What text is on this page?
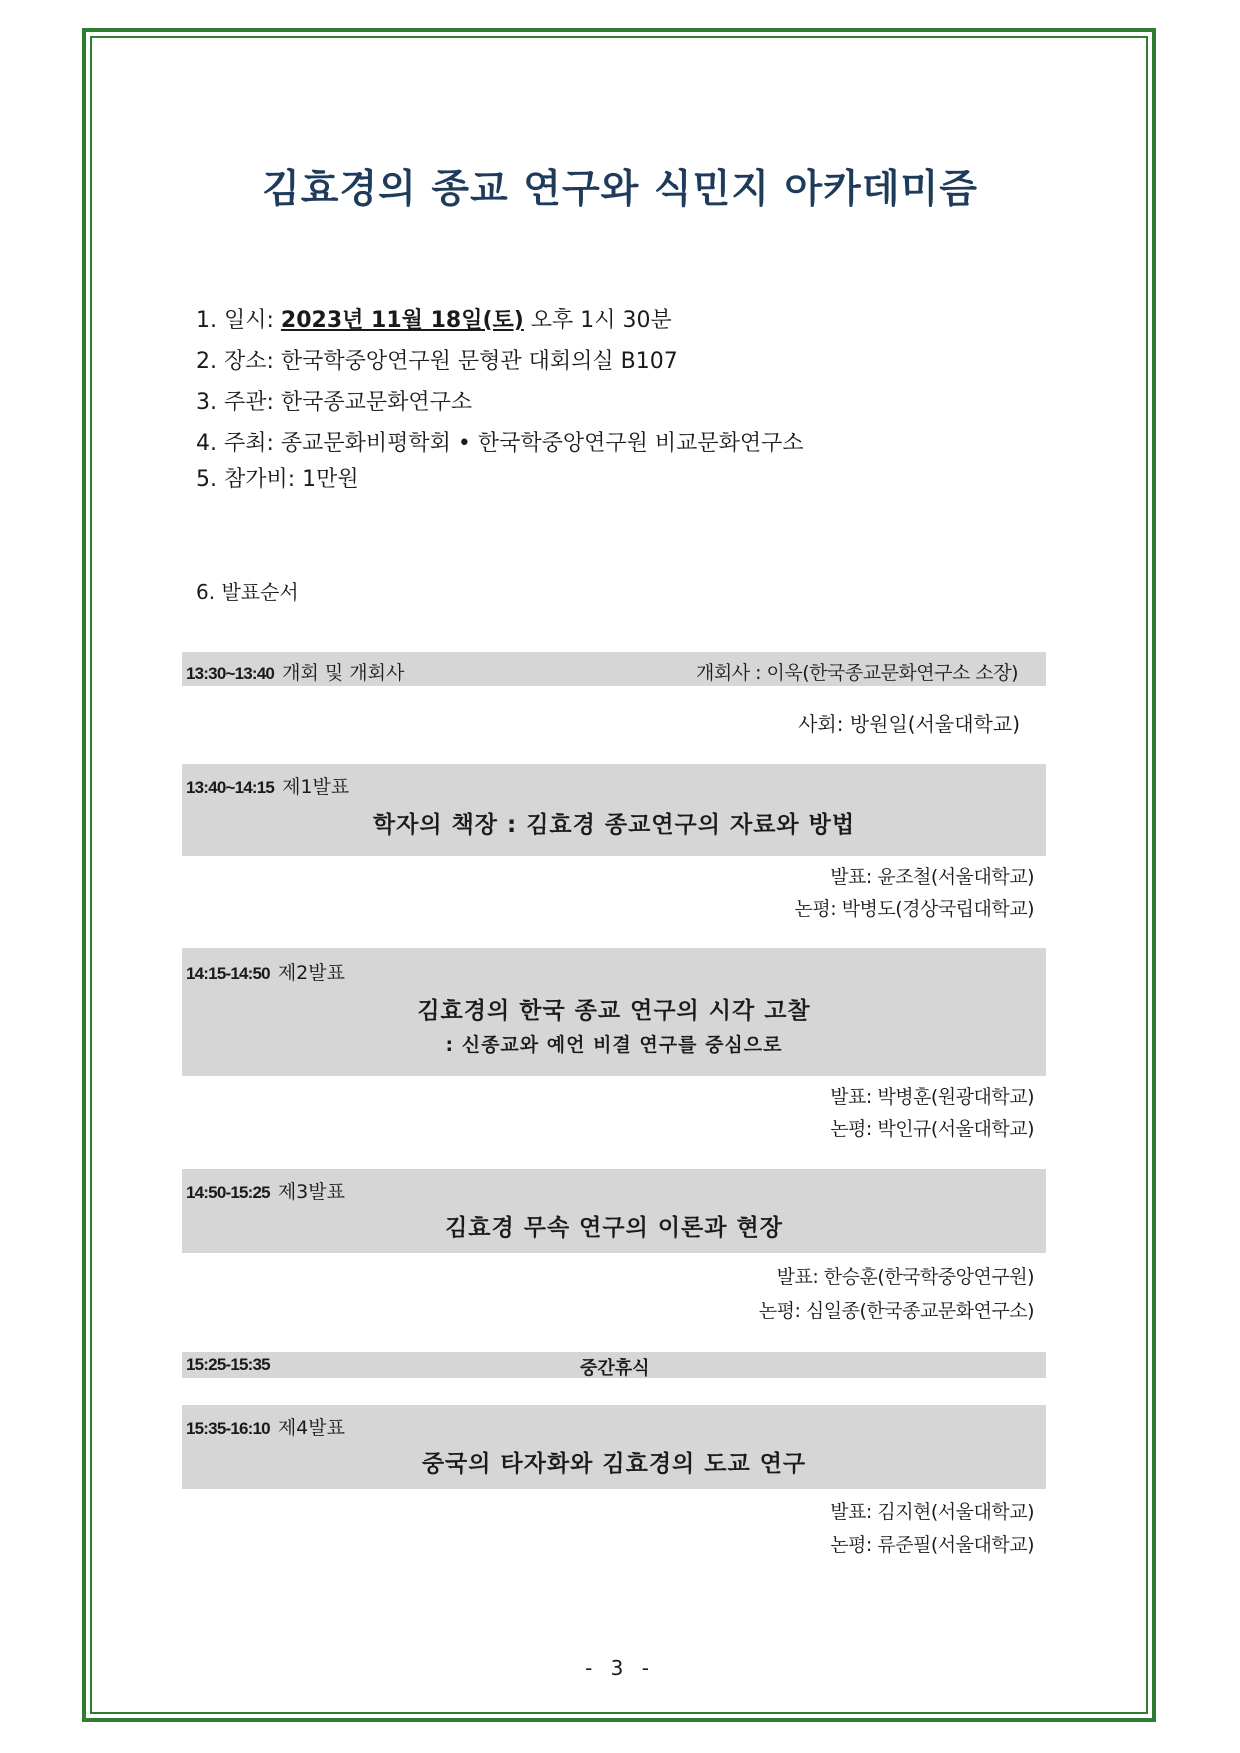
김효경의 종교 연구와 식민지 아카데미즘
1. 일시: 2023년 11월 18일(토) 오후 1시 30분
2. 장소: 한국학중앙연구원 문형관 대회의실 B107
3. 주관: 한국종교문화연구소
4. 주최: 종교문화비평학회 • 한국학중앙연구원 비교문화연구소
5. 참가비: 1만원
6. 발표순서
13:30~13:40 개회 및 개회사	개회사 : 이욱(한국종교문화연구소 소장)
사회: 방원일(서울대학교)
13:40~14:15 제1발표
학자의 책장 : 김효경 종교연구의 자료와 방법
발표: 윤조철(서울대학교)
논평: 박병도(경상국립대학교)
14:15-14:50 제2발표
김효경의 한국 종교 연구의 시각 고찰
: 신종교와 예언 비결 연구를 중심으로
발표: 박병훈(원광대학교)
논평: 박인규(서울대학교)
14:50-15:25 제3발표
김효경 무속 연구의 이론과 현장
발표: 한승훈(한국학중앙연구원)
논평: 심일종(한국종교문화연구소)
15:25-15:35	중간휴식
15:35-16:10 제4발표
중국의 타자화와 김효경의 도교 연구
발표: 김지현(서울대학교)
논평: 류준필(서울대학교)
- 3 -
